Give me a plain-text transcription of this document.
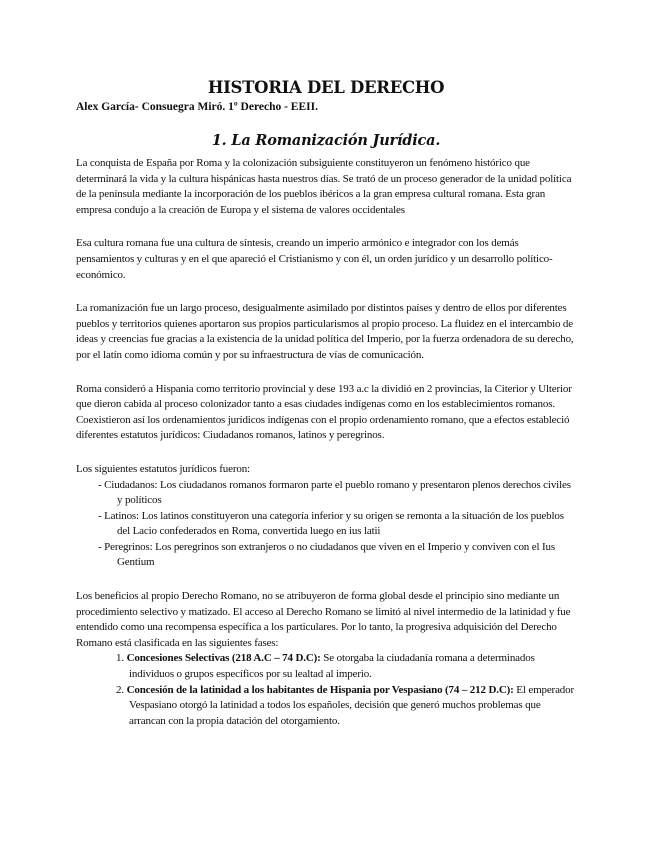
HISTORIA DEL DERECHO
Alex García- Consuegra Miró. 1º Derecho - EEII.
1. La Romanización Jurídica.

La conquista de España por Roma y la colonización subsiguiente constituyeron un fenómeno histórico que determinará la vida y la cultura hispánicas hasta nuestros días. Se trató de un proceso generador de la unidad política de la península mediante la incorporación de los pueblos ibéricos a la gran empresa cultural romana. Esta gran empresa condujo a la creación de Europa y el sistema de valores occidentales

Esa cultura romana fue una cultura de síntesis, creando un imperio armónico e integrador con los demás pensamientos y culturas y en el que apareció el Cristianismo y con él, un orden jurídico y un desarrollo político-económico.

La romanización fue un largo proceso, desigualmente asimilado por distintos países y dentro de ellos por diferentes pueblos y territorios quienes aportaron sus propios particularismos al propio proceso. La fluidez en el intercambio de ideas y creencias fue gracias a la existencia de la unidad política del Imperio, por la fuerza ordenadora de su derecho, por el latín como idioma común y por su infraestructura de vías de comunicación.

Roma consideró a Hispania como territorio provincial y dese 193 a.c la dividió en 2 provincias, la Citerior y Ulterior que dieron cabida al proceso colonizador tanto a esas ciudades indígenas como en los establecimientos romanos. Coexistieron así los ordenamientos jurídicos indígenas con el propio ordenamiento romano, que a efectos estableció diferentes estatutos jurídicos: Ciudadanos romanos, latinos y peregrinos.

Los siguientes estatutos jurídicos fueron:

- Ciudadanos: Los ciudadanos romanos formaron parte el pueblo romano y presentaron plenos derechos civiles y políticos
- Latinos: Los latinos constituyeron una categoría inferior y su origen se remonta a la situación de los pueblos del Lacio confederados en Roma, convertida luego en ius latii
- Peregrinos: Los peregrinos son extranjeros o no ciudadanos que viven en el Imperio y conviven con el Ius Gentium

Los beneficios al propio Derecho Romano, no se atribuyeron de forma global desde el principio sino mediante un procedimiento selectivo y matizado. El acceso al Derecho Romano se limitó al nivel intermedio de la latinidad y fue entendido como una recompensa específica a los particulares. Por lo tanto, la progresiva adquisición del Derecho Romano está clasificada en las siguientes fases:

1. Concesiones Selectivas (218 A.C – 74 D.C): Se otorgaba la ciudadanía romana a determinados individuos o grupos específicos por su lealtad al imperio.
2. Concesión de la latinidad a los habitantes de Hispania por Vespasiano (74 – 212 D.C): El emperador Vespasiano otorgó la latinidad a todos los españoles, decisión que generó muchos problemas que arrancan con la propia datación del otorgamiento.
